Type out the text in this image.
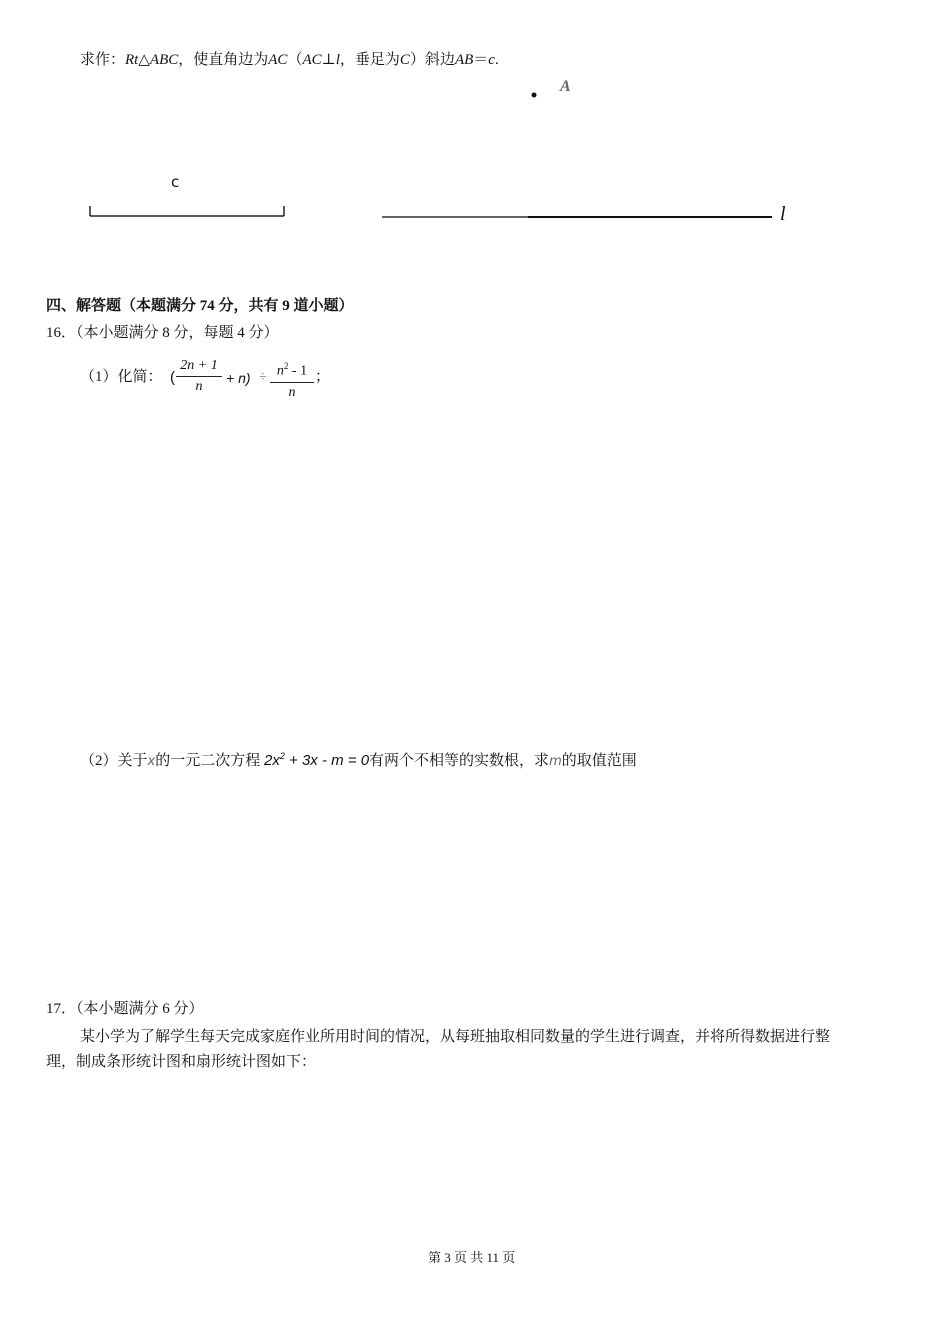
求作：Rt△ABC，使直角边为AC（AC⊥l，垂足为C）斜边AB＝c.
A
c
l
四、解答题（本题满分 74 分，共有 9 道小题）
16．（本小题满分 8 分，每题 4 分）
（1）化简： (
2n + 1
n
+ $n) \div n^2 - 1$
n
；
（2）关于x的一元二次方程 $2x^2 + 3x - m = 0$有两个不相等的实数根，求m的取值范围
17．（本小题满分 6 分）
某小学为了解学生每天完成家庭作业所用时间的情况，从每班抽取相同数量的学生进行调查，并将所得数据进行整
理，制成条形统计图和扇形统计图如下：
第 3 页 共 11 页
